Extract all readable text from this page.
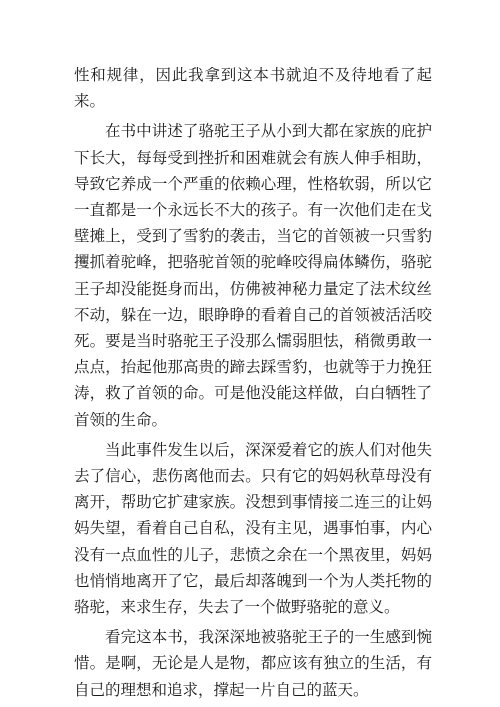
性和规律，因此我拿到这本书就迫不及待地看了起来。

在书中讲述了骆驼王子从小到大都在家族的庇护下长大，每每受到挫折和困难就会有族人伸手相助，导致它养成一个严重的依赖心理，性格软弱，所以它一直都是一个永远长不大的孩子。有一次他们走在戈壁摊上，受到了雪豹的袭击，当它的首领被一只雪豹攫抓着驼峰，把骆驼首领的驼峰咬得扁体鳞伤，骆驼王子却没能挺身而出，仿佛被神秘力量定了法术纹丝不动，躲在一边，眼睁睁的看着自己的首领被活活咬死。要是当时骆驼王子没那么懦弱胆怯，稍微勇敢一点点，抬起他那高贵的蹄去踩雪豹，也就等于力挽狂涛，救了首领的命。可是他没能这样做，白白牺牲了首领的生命。

当此事件发生以后，深深爱着它的族人们对他失去了信心，悲伤离他而去。只有它的妈妈秋草母没有离开，帮助它扩建家族。没想到事情接二连三的让妈妈失望，看着自己自私，没有主见，遇事怕事，内心没有一点血性的儿子，悲愤之余在一个黑夜里，妈妈也悄悄地离开了它，最后却落魄到一个为人类托物的骆驼，来求生存，失去了一个做野骆驼的意义。

看完这本书，我深深地被骆驼王子的一生感到惋惜。是啊，无论是人是物，都应该有独立的生活，有自己的理想和追求，撑起一片自己的蓝天。
